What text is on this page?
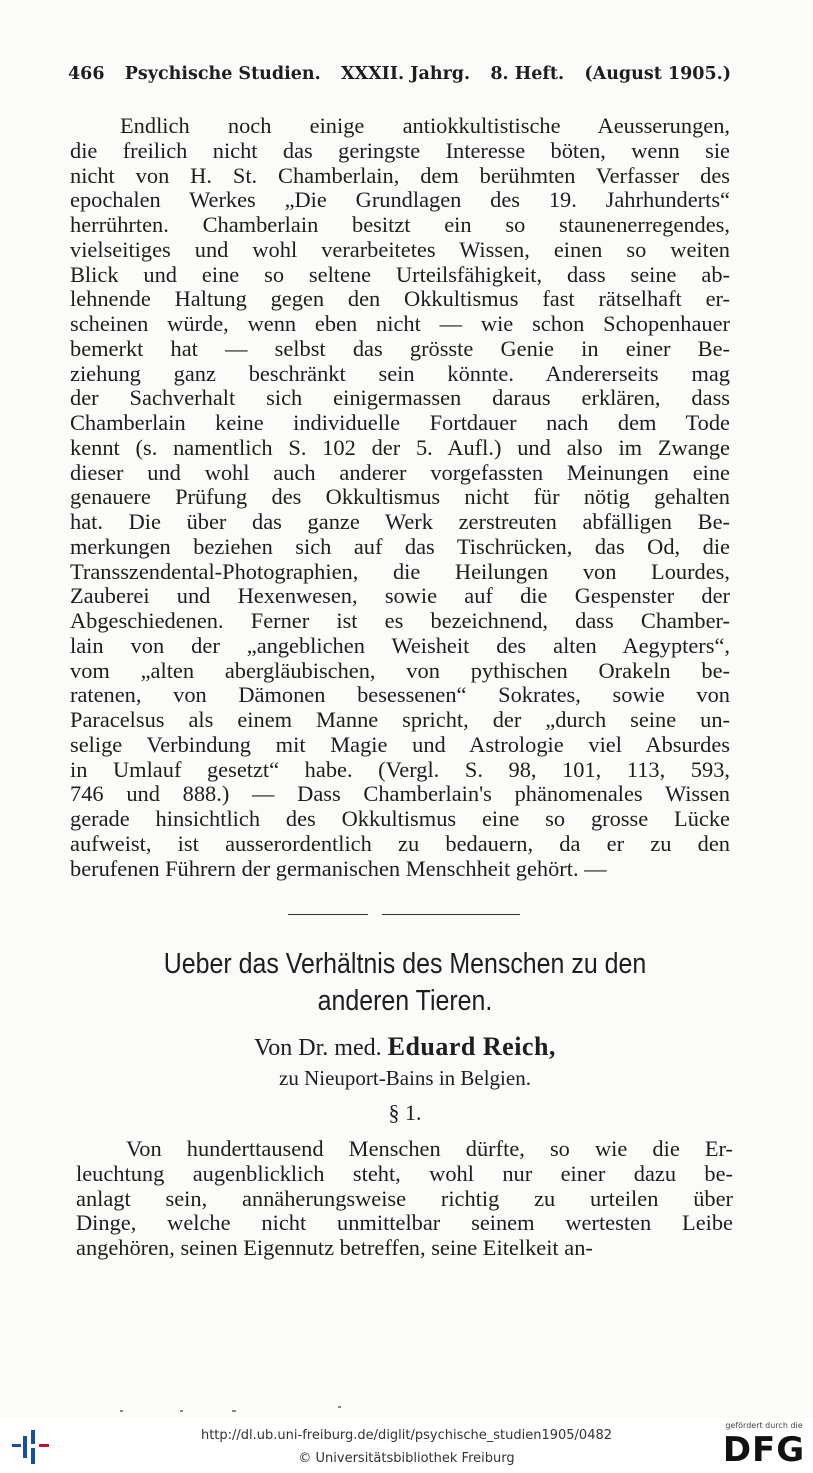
466 Psychische Studien. XXXII. Jahrg. 8. Heft. (August 1905.)
Endlich noch einige antiokkultistische Aeusserungen,
die freilich nicht das geringste Interesse böten, wenn sie
nicht von H. St. Chamberlain, dem berühmten Verfasser des
epochalen Werkes „Die Grundlagen des 19. Jahrhunderts“
herrührten. Chamberlain besitzt ein so staunenerregendes,
vielseitiges und wohl verarbeitetes Wissen, einen so weiten
Blick und eine so seltene Urteilsfähigkeit, dass seine ab-
lehnende Haltung gegen den Okkultismus fast rätselhaft er-
scheinen würde, wenn eben nicht — wie schon Schopenhauer
bemerkt hat — selbst das grösste Genie in einer Be-
ziehung ganz beschränkt sein könnte. Andererseits mag
der Sachverhalt sich einigermassen daraus erklären, dass
Chamberlain keine individuelle Fortdauer nach dem Tode
kennt (s. namentlich S. 102 der 5. Aufl.) und also im Zwange
dieser und wohl auch anderer vorgefassten Meinungen eine
genauere Prüfung des Okkultismus nicht für nötig gehalten
hat. Die über das ganze Werk zerstreuten abfälligen Be-
merkungen beziehen sich auf das Tischrücken, das Od, die
Transszendental-Photographien, die Heilungen von Lourdes,
Zauberei und Hexenwesen, sowie auf die Gespenster der
Abgeschiedenen. Ferner ist es bezeichnend, dass Chamber-
lain von der „angeblichen Weisheit des alten Aegypters“,
vom „alten abergläubischen, von pythischen Orakeln be-
ratenen, von Dämonen besessenen“ Sokrates, sowie von
Paracelsus als einem Manne spricht, der „durch seine un-
selige Verbindung mit Magie und Astrologie viel Absurdes
in Umlauf gesetzt“ habe. (Vergl. S. 98, 101, 113, 593,
746 und 888.) — Dass Chamberlain's phänomenales Wissen
gerade hinsichtlich des Okkultismus eine so grosse Lücke
aufweist, ist ausserordentlich zu bedauern, da er zu den
berufenen Führern der germanischen Menschheit gehört. —
Ueber das Verhältnis des Menschen zu den
anderen Tieren.
Von Dr. med. Eduard Reich,
zu Nieuport-Bains in Belgien.
§ 1.
Von hunderttausend Menschen dürfte, so wie die Er-
leuchtung augenblicklich steht, wohl nur einer dazu be-
anlagt sein, annäherungsweise richtig zu urteilen über
Dinge, welche nicht unmittelbar seinem wertesten Leibe
angehören, seinen Eigennutz betreffen, seine Eitelkeit an-
http://dl.ub.uni-freiburg.de/diglit/psychische_studien1905/0482
© Universitätsbibliothek Freiburg
gefördert durch die
DFG
